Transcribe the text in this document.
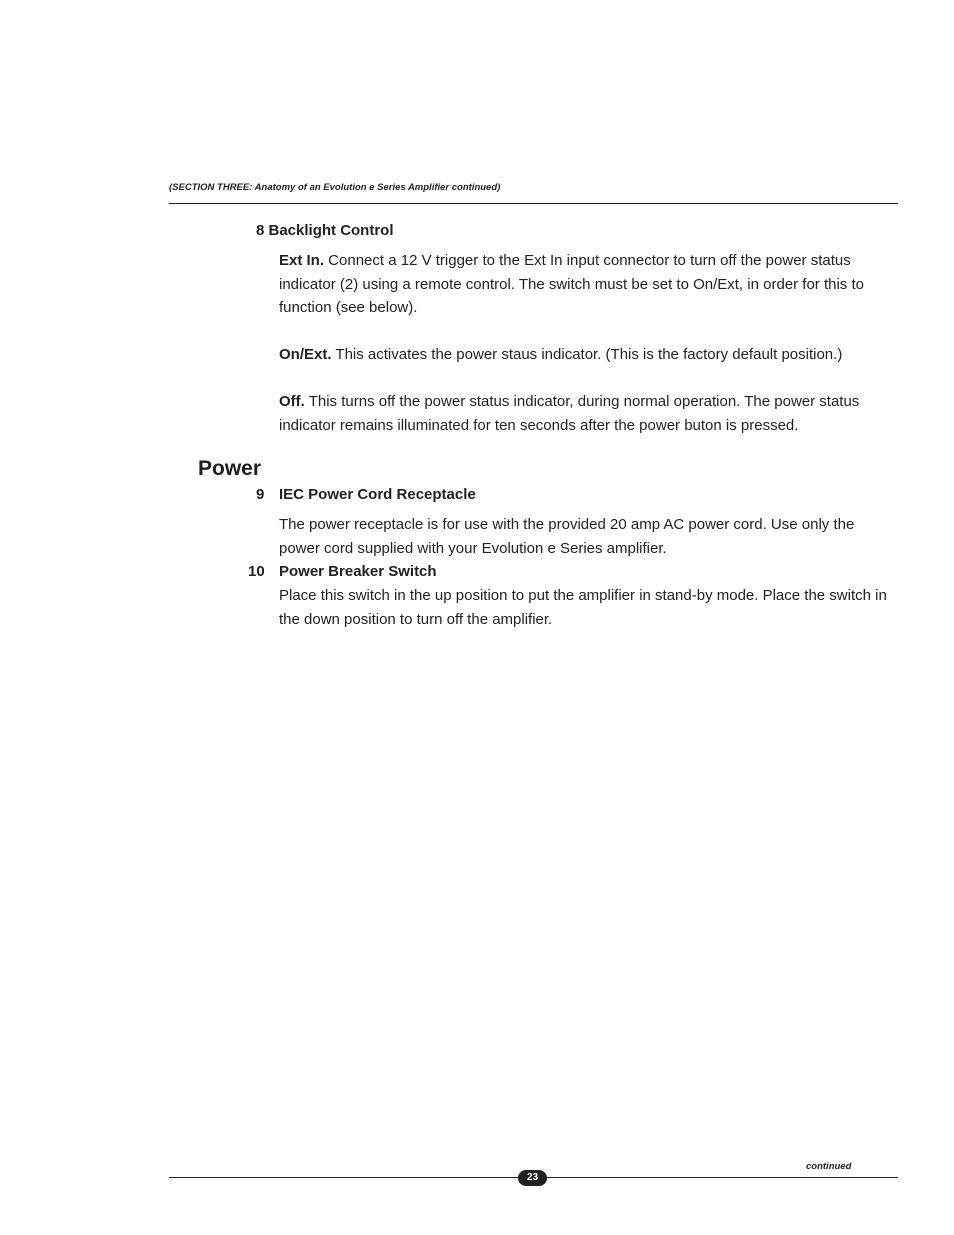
(SECTION THREE: Anatomy of an Evolution e Series Amplifier continued)
8 Backlight Control
Ext In. Connect a 12 V trigger to the Ext In input connector to turn off the power status indicator (2) using a remote control. The switch must be set to On/Ext, in order for this to function (see below).
On/Ext. This activates the power staus indicator. (This is the factory default position.)
Off. This turns off the power status indicator, during normal operation. The power status indicator remains illuminated for ten seconds after the power buton is pressed.
Power
9 IEC Power Cord Receptacle
The power receptacle is for use with the provided 20 amp AC power cord. Use only the power cord supplied with your Evolution e Series amplifier.
10 Power Breaker Switch
Place this switch in the up position to put the amplifier in stand-by mode. Place the switch in the down position to turn off the amplifier.
continued
23
